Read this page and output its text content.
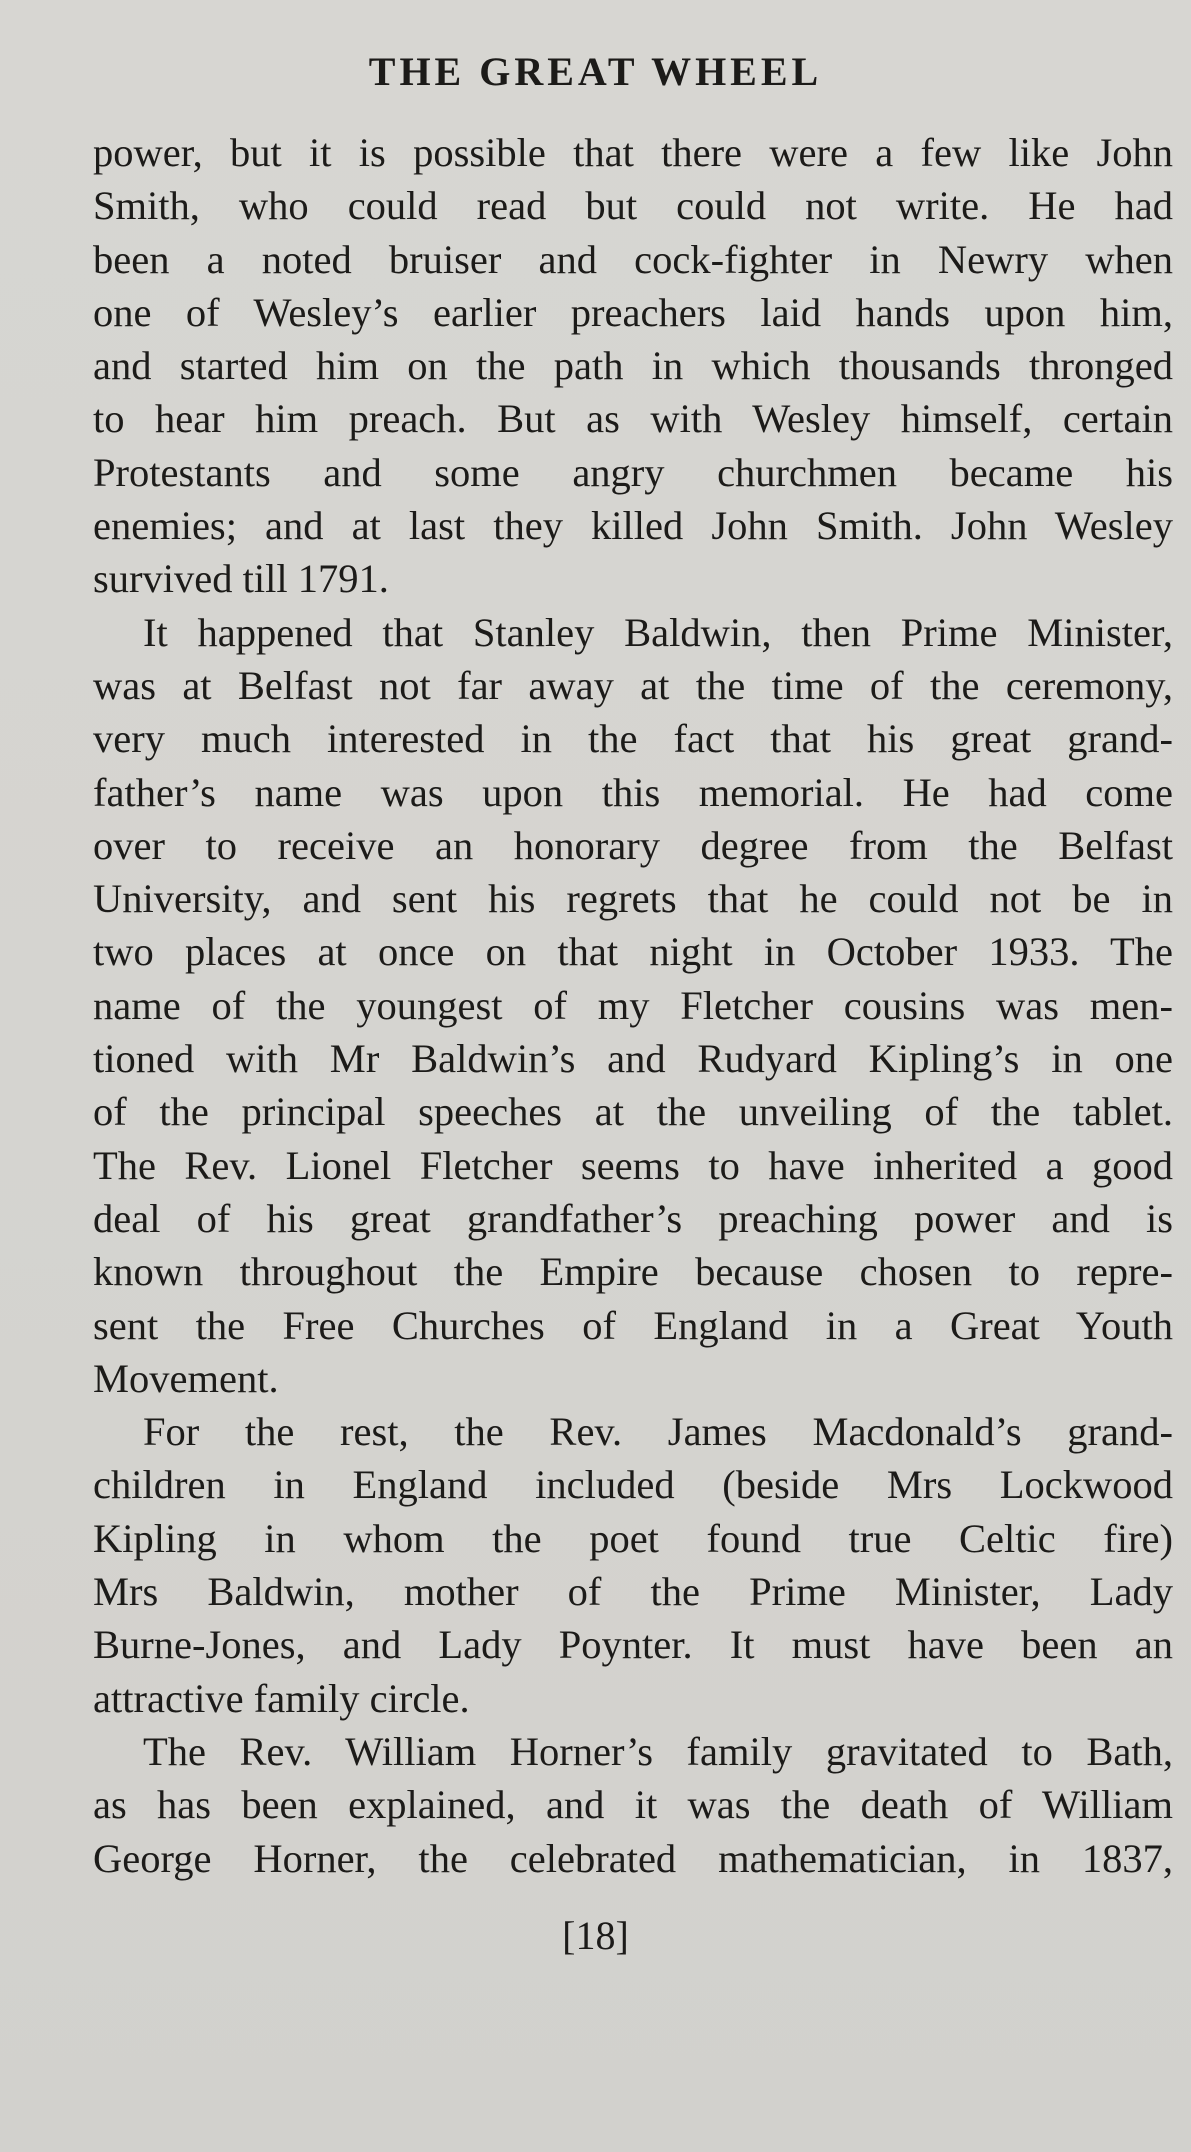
THE GREAT WHEEL
power, but it is possible that there were a few like John
Smith, who could read but could not write. He had
been a noted bruiser and cock-fighter in Newry when
one of Wesley’s earlier preachers laid hands upon him,
and started him on the path in which thousands thronged
to hear him preach. But as with Wesley himself, certain
Protestants and some angry churchmen became his
enemies; and at last they killed John Smith. John Wesley
survived till 1791.
It happened that Stanley Baldwin, then Prime Minister,
was at Belfast not far away at the time of the ceremony,
very much interested in the fact that his great grand-
father’s name was upon this memorial. He had come
over to receive an honorary degree from the Belfast
University, and sent his regrets that he could not be in
two places at once on that night in October 1933. The
name of the youngest of my Fletcher cousins was men-
tioned with Mr Baldwin’s and Rudyard Kipling’s in one
of the principal speeches at the unveiling of the tablet.
The Rev. Lionel Fletcher seems to have inherited a good
deal of his great grandfather’s preaching power and is
known throughout the Empire because chosen to repre-
sent the Free Churches of England in a Great Youth
Movement.
For the rest, the Rev. James Macdonald’s grand-
children in England included (beside Mrs Lockwood
Kipling in whom the poet found true Celtic fire)
Mrs Baldwin, mother of the Prime Minister, Lady
Burne-Jones, and Lady Poynter. It must have been an
attractive family circle.
The Rev. William Horner’s family gravitated to Bath,
as has been explained, and it was the death of William
George Horner, the celebrated mathematician, in 1837,
[18]
